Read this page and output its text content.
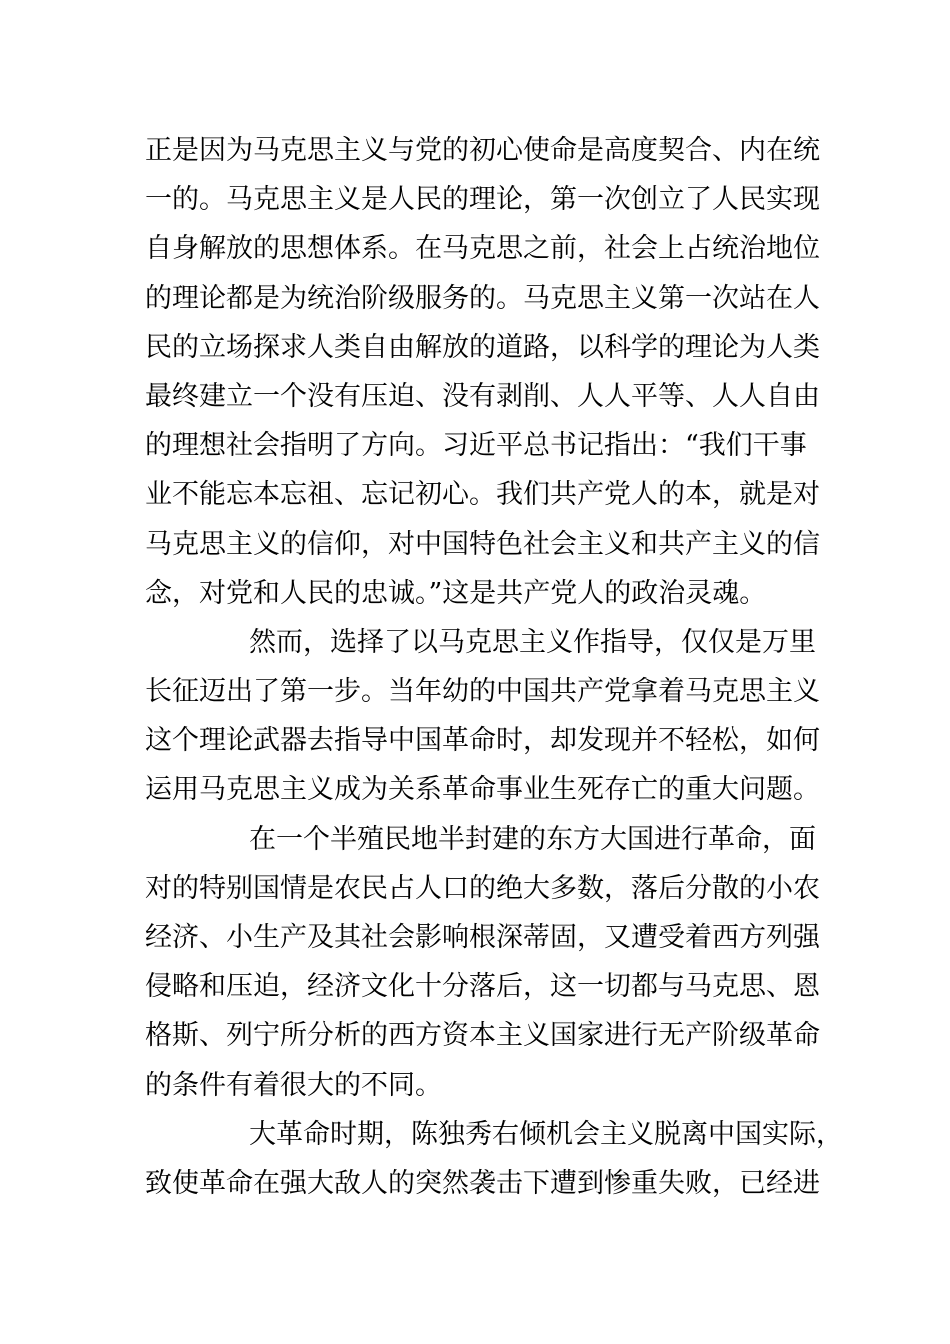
正是因为马克思主义与党的初心使命是高度契合、内在统
一的。马克思主义是人民的理论，第一次创立了人民实现
自身解放的思想体系。在马克思之前，社会上占统治地位
的理论都是为统治阶级服务的。马克思主义第一次站在人
民的立场探求人类自由解放的道路，以科学的理论为人类
最终建立一个没有压迫、没有剥削、人人平等、人人自由
的理想社会指明了方向。习近平总书记指出：“我们干事
业不能忘本忘祖、忘记初心。我们共产党人的本，就是对
马克思主义的信仰，对中国特色社会主义和共产主义的信
念，对党和人民的忠诚。”这是共产党人的政治灵魂。
然而，选择了以马克思主义作指导，仅仅是万里
长征迈出了第一步。当年幼的中国共产党拿着马克思主义
这个理论武器去指导中国革命时，却发现并不轻松，如何
运用马克思主义成为关系革命事业生死存亡的重大问题。
在一个半殖民地半封建的东方大国进行革命，面
对的特别国情是农民占人口的绝大多数，落后分散的小农
经济、小生产及其社会影响根深蒂固，又遭受着西方列强
侵略和压迫，经济文化十分落后，这一切都与马克思、恩
格斯、列宁所分析的西方资本主义国家进行无产阶级革命
的条件有着很大的不同。
大革命时期，陈独秀右倾机会主义脱离中国实际，
致使革命在强大敌人的突然袭击下遭到惨重失败，已经进
